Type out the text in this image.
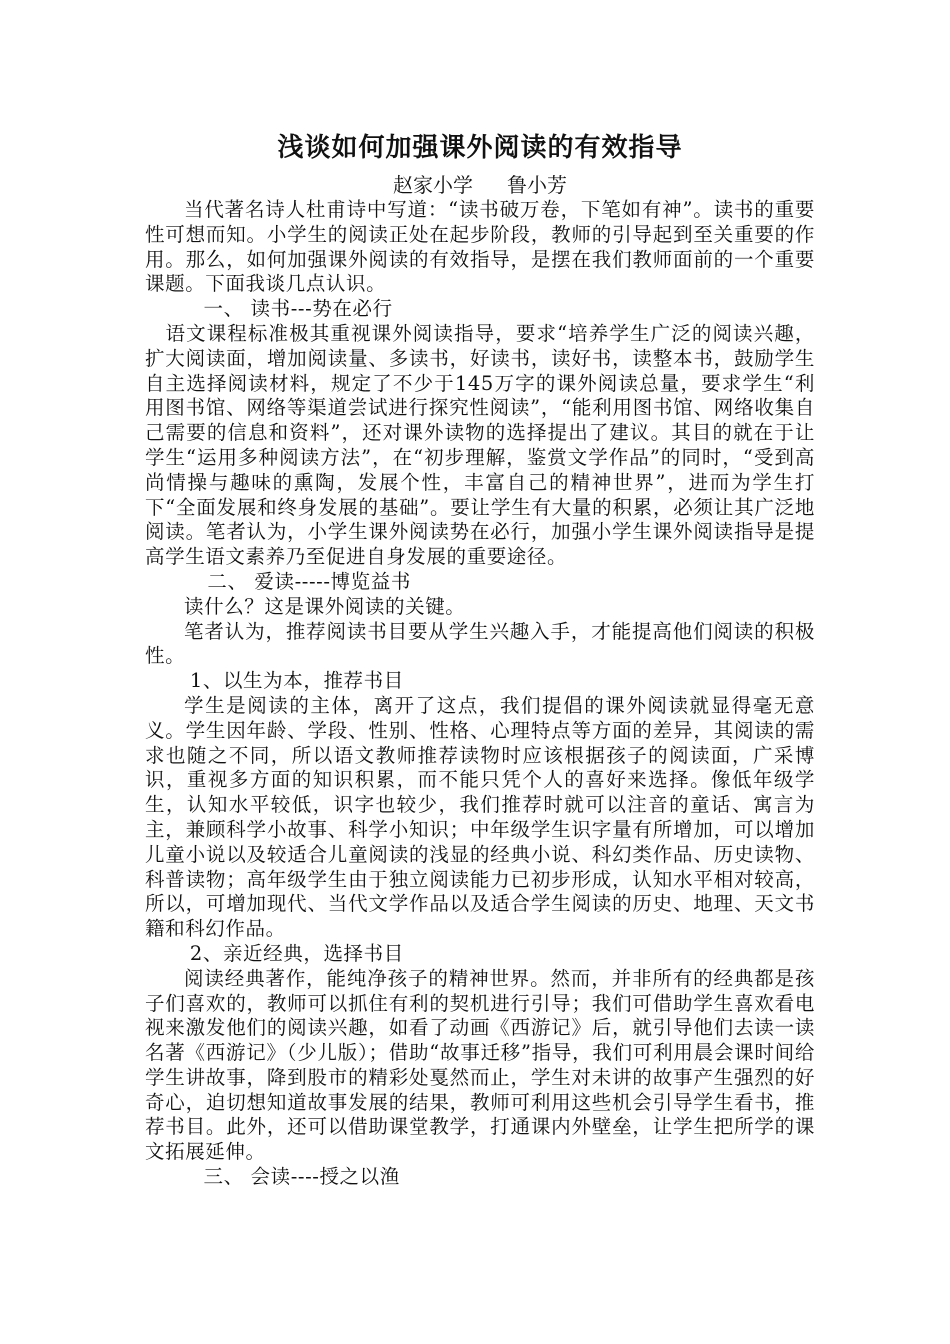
浅谈如何加强课外阅读的有效指导
赵家小学 鲁小芳

当代著名诗人杜甫诗中写道：“读书破万卷，下笔如有神”。读书的重要性可想而知。小学生的阅读正处在起步阶段，教师的引导起到至关重要的作用。那么，如何加强课外阅读的有效指导，是摆在我们教师面前的一个重要课题。下面我谈几点认识。

一、 读书---势在必行

语文课程标准极其重视课外阅读指导，要求“培养学生广泛的阅读兴趣，扩大阅读面，增加阅读量、多读书，好读书，读好书，读整本书，鼓励学生自主选择阅读材料，规定了不少于145万字的课外阅读总量，要求学生“利用图书馆、网络等渠道尝试进行探究性阅读”，“能利用图书馆、网络收集自己需要的信息和资料”，还对课外读物的选择提出了建议。其目的就在于让学生“运用多种阅读方法”，在“初步理解，鉴赏文学作品”的同时，“受到高尚情操与趣味的熏陶，发展个性，丰富自己的精神世界”，进而为学生打下“全面发展和终身发展的基础”。要让学生有大量的积累，必须让其广泛地阅读。笔者认为，小学生课外阅读势在必行，加强小学生课外阅读指导是提高学生语文素养乃至促进自身发展的重要途径。

二、 爱读-----博览益书

读什么？这是课外阅读的关键。

笔者认为，推荐阅读书目要从学生兴趣入手，才能提高他们阅读的积极性。

1、以生为本，推荐书目

学生是阅读的主体，离开了这点，我们提倡的课外阅读就显得毫无意义。学生因年龄、学段、性别、性格、心理特点等方面的差异，其阅读的需求也随之不同，所以语文教师推荐读物时应该根据孩子的阅读面，广采博识，重视多方面的知识积累，而不能只凭个人的喜好来选择。像低年级学生，认知水平较低，识字也较少，我们推荐时就可以注音的童话、寓言为主，兼顾科学小故事、科学小知识；中年级学生识字量有所增加，可以增加儿童小说以及较适合儿童阅读的浅显的经典小说、科幻类作品、历史读物、科普读物；高年级学生由于独立阅读能力已初步形成，认知水平相对较高，所以，可增加现代、当代文学作品以及适合学生阅读的历史、地理、天文书籍和科幻作品。

2、亲近经典，选择书目

阅读经典著作，能纯净孩子的精神世界。然而，并非所有的经典都是孩子们喜欢的，教师可以抓住有利的契机进行引导；我们可借助学生喜欢看电视来激发他们的阅读兴趣，如看了动画《西游记》后，就引导他们去读一读名著《西游记》（少儿版）；借助“故事迁移”指导，我们可利用晨会课时间给学生讲故事，降到股市的精彩处戛然而止，学生对未讲的故事产生强烈的好奇心，迫切想知道故事发展的结果，教师可利用这些机会引导学生看书，推荐书目。此外，还可以借助课堂教学，打通课内外壁垒，让学生把所学的课文拓展延伸。

三、 会读----授之以渔
